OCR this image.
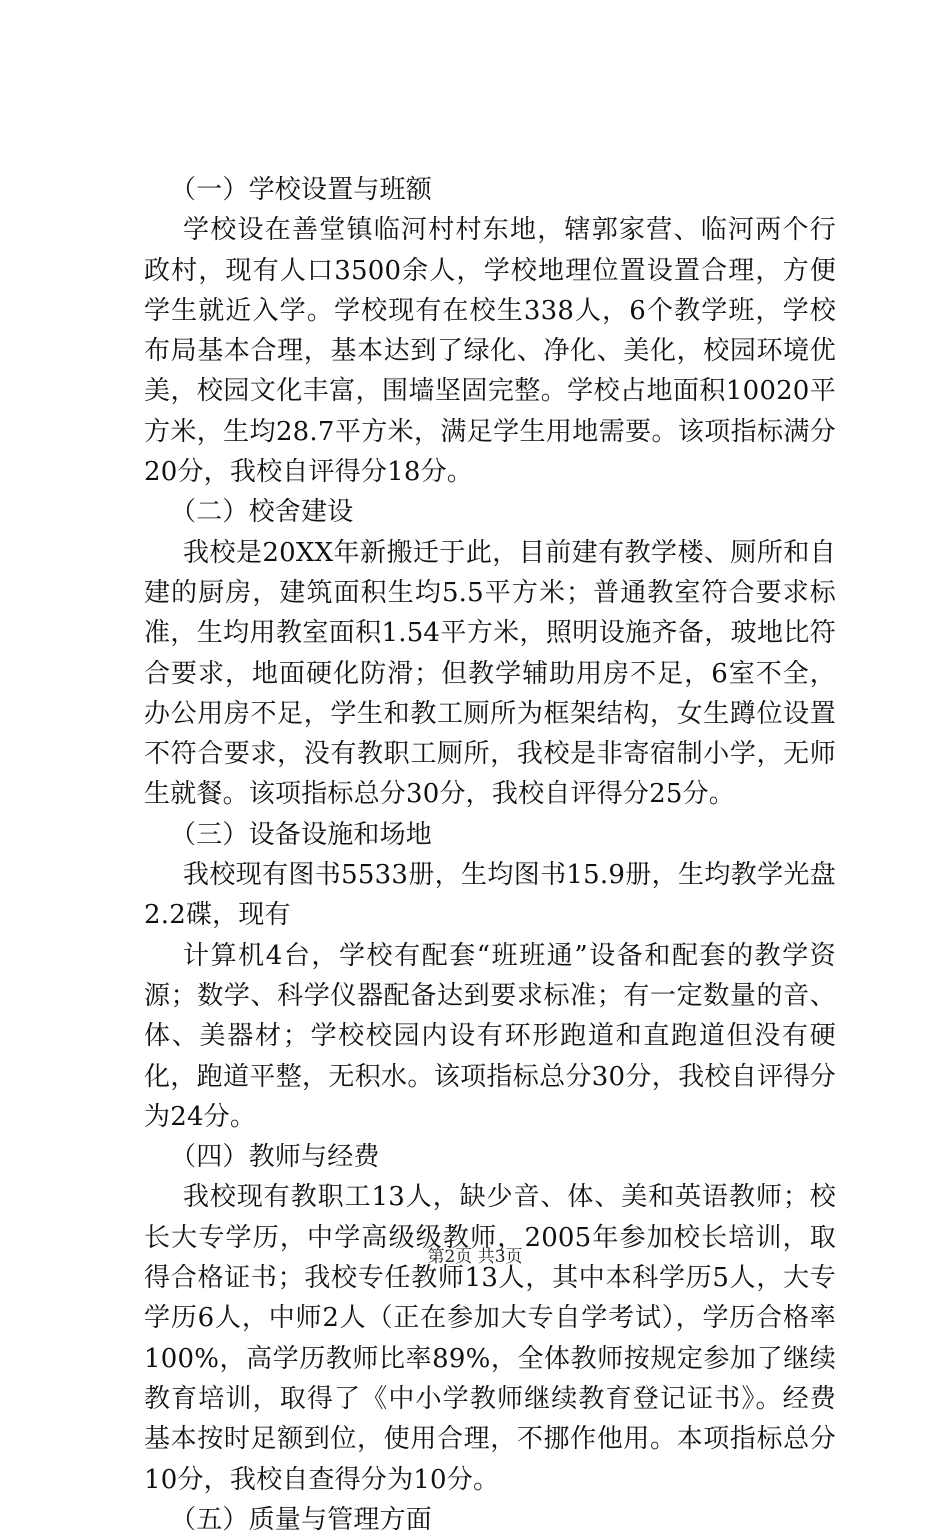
（一）学校设置与班额

学校设在善堂镇临河村村东地，辖郭家营、临河两个行政村，现有人口3500余人，学校地理位置设置合理，方便学生就近入学。学校现有在校生338人，6个教学班，学校布局基本合理，基本达到了绿化、净化、美化，校园环境优美，校园文化丰富，围墙坚固完整。学校占地面积10020平方米，生均28.7平方米，满足学生用地需要。该项指标满分20分，我校自评得分18分。

（二）校舍建设

我校是20XX年新搬迁于此，目前建有教学楼、厕所和自建的厨房，建筑面积生均5.5平方米；普通教室符合要求标准，生均用教室面积1.54平方米，照明设施齐备，玻地比符合要求，地面硬化防滑；但教学辅助用房不足，6室不全，办公用房不足，学生和教工厕所为框架结构，女生蹲位设置不符合要求，没有教职工厕所，我校是非寄宿制小学，无师生就餐。该项指标总分30分，我校自评得分25分。

（三）设备设施和场地

我校现有图书5533册，生均图书15.9册，生均教学光盘2.2碟，现有

计算机4台，学校有配套“班班通”设备和配套的教学资源；数学、科学仪器配备达到要求标准；有一定数量的音、体、美器材；学校校园内设有环形跑道和直跑道但没有硬化，跑道平整，无积水。该项指标总分30分，我校自评得分为24分。

（四）教师与经费

我校现有教职工13人，缺少音、体、美和英语教师；校长大专学历，中学高级级教师，2005年参加校长培训，取得合格证书；我校专任教师13人，其中本科学历5人，大专学历6人，中师2人（正在参加大专自学考试），学历合格率100%，高学历教师比率89%，全体教师按规定参加了继续教育培训，取得了《中小学教师继续教育登记证书》。经费基本按时足额到位，使用合理，不挪作他用。本项指标总分10分，我校自查得分为10分。

（五）质量与管理方面
第2页 共3页
